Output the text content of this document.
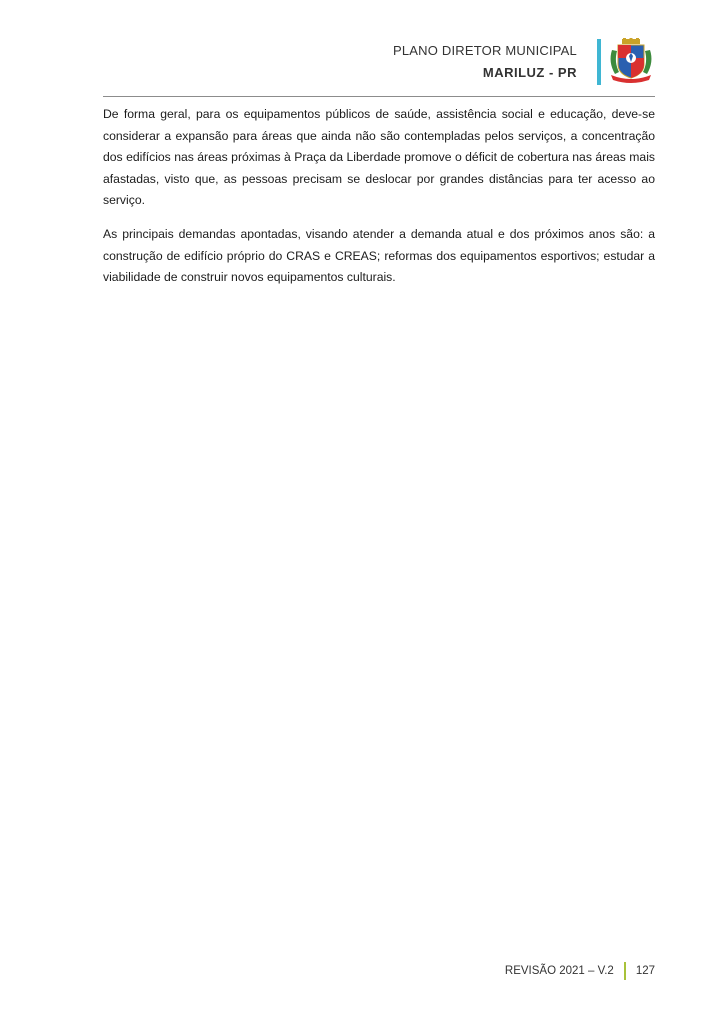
PLANO DIRETOR MUNICIPAL
MARILUZ - PR

De forma geral, para os equipamentos públicos de saúde, assistência social e educação, deve-se considerar a expansão para áreas que ainda não são contempladas pelos serviços, a concentração dos edifícios nas áreas próximas à Praça da Liberdade promove o déficit de cobertura nas áreas mais afastadas, visto que, as pessoas precisam se deslocar por grandes distâncias para ter acesso ao serviço.

As principais demandas apontadas, visando atender a demanda atual e dos próximos anos são: a construção de edifício próprio do CRAS e CREAS; reformas dos equipamentos esportivos; estudar a viabilidade de construir novos equipamentos culturais.

REVISÃO 2021 – V.2 127
